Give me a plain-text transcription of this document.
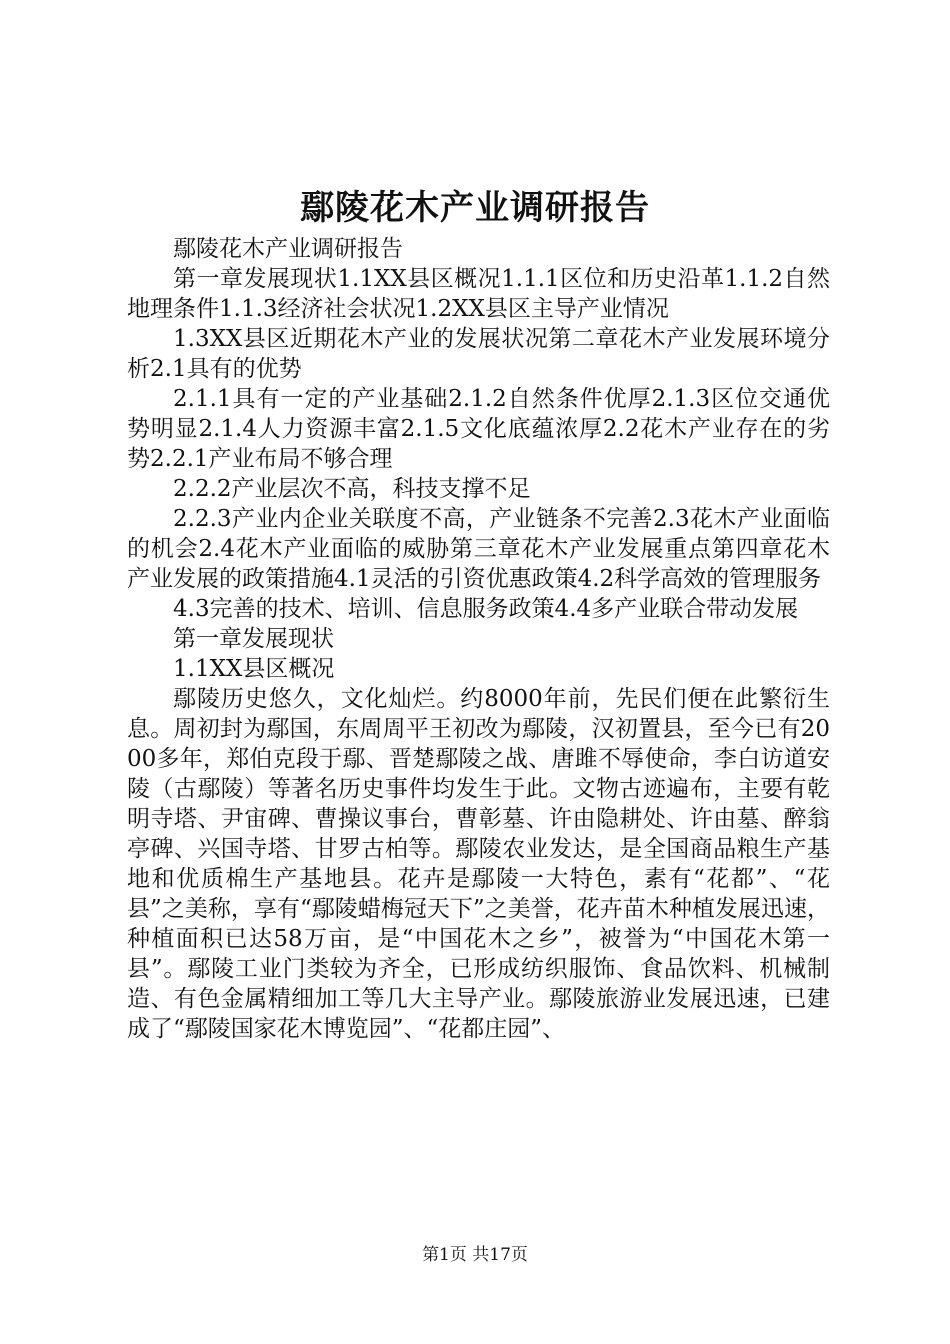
鄢陵花木产业调研报告

鄢陵花木产业调研报告

第一章发展现状1.1XX县区概况1.1.1区位和历史沿革1.1.2自然地理条件1.1.3经济社会状况1.2XX县区主导产业情况

1.3XX县区近期花木产业的发展状况第二章花木产业发展环境分析2.1具有的优势

2.1.1具有一定的产业基础2.1.2自然条件优厚2.1.3区位交通优势明显2.1.4人力资源丰富2.1.5文化底蕴浓厚2.2花木产业存在的劣势2.2.1产业布局不够合理

2.2.2产业层次不高，科技支撑不足

2.2.3产业内企业关联度不高，产业链条不完善2.3花木产业面临的机会2.4花木产业面临的威胁第三章花木产业发展重点第四章花木产业发展的政策措施4.1灵活的引资优惠政策4.2科学高效的管理服务

4.3完善的技术、培训、信息服务政策4.4多产业联合带动发展

第一章发展现状

1.1XX县区概况

鄢陵历史悠久，文化灿烂。约8000年前，先民们便在此繁衍生息。周初封为鄢国，东周周平王初改为鄢陵，汉初置县，至今已有2000多年，郑伯克段于鄢、晋楚鄢陵之战、唐雎不辱使命，李白访道安陵（古鄢陵）等著名历史事件均发生于此。文物古迹遍布，主要有乾明寺塔、尹宙碑、曹操议事台，曹彰墓、许由隐耕处、许由墓、醉翁亭碑、兴国寺塔、甘罗古柏等。鄢陵农业发达，是全国商品粮生产基地和优质棉生产基地县。花卉是鄢陵一大特色，素有“花都”、“花县”之美称，享有“鄢陵蜡梅冠天下”之美誉，花卉苗木种植发展迅速，种植面积已达58万亩，是“中国花木之乡”，被誉为“中国花木第一县”。鄢陵工业门类较为齐全，已形成纺织服饰、食品饮料、机械制造、有色金属精细加工等几大主导产业。鄢陵旅游业发展迅速，已建成了“鄢陵国家花木博览园”、“花都庄园”、

第1页 共17页
